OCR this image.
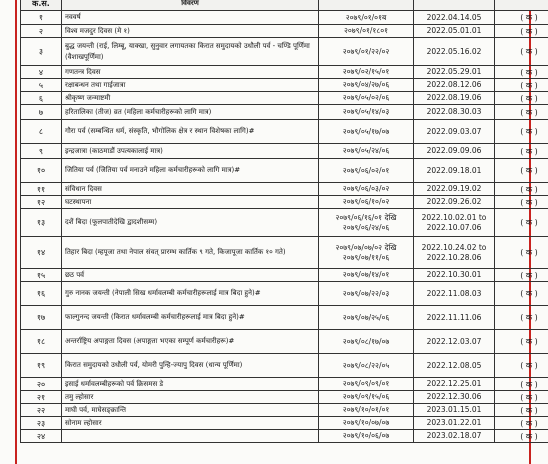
क.स.	विवरण			
१	नववर्ष	२०७९/०१/०१ब	2022.04.14.05	( क )
२	विश्व मजदुर दिवस (मे १)	२०७९/०१/१८०१	2022.05.01.01	( क )
३	बुद्ध जयन्ती (राई, लिम्बू, याक्खा, सुनुवार लगायतका किरात समुदायको उधौली पर्व - चण्डि पूर्णिमा (वैशाखपूर्णिमा)	२०७९/०१/२२/०२	2022.05.16.02	( क )
४	गणतन्त्र दिवस	२०७९/०२/१५/०१	2022.05.29.01	( क )
५	रक्षाबन्धन तथा गाईजात्रा	२०७९/०४/२७/०६	2022.08.12.06	( क )
६	श्रीकृष्ण जन्माष्टमी	२०७९/०५/०२/०६	2022.08.19.06	( क )
७	हरितालिका (तीज) व्रत (महिला कर्मचारीहरूको लागि मात्र)	२०७९/०५/१४/०३	2022.08.30.03	( क )
८	गौरा पर्व (सम्बन्धित धर्म, संस्कृति, भौगोलिक क्षेत्र र स्थान विशेषका लागि)#	२०७९/०५/१७/०७	2022.09.03.07	( क )
९	इन्द्रजात्रा (काठमाडौं उपत्यकालाई मात्र)	२०७९/०५/२४/०६	2022.09.09.06	( क )
१०	जितिया पर्व (जितिया पर्व मनाउने महिला कर्मचारीहरूको लागि मात्र)#	२०७९/०६/०२/०१	2022.09.18.01	( क )
११	संविधान दिवस	२०७९/०६/०३/०२	2022.09.19.02	( क )
१२	घटस्थापना	२०७९/०६/१०/०२	2022.09.26.02	( क )
१३	दशैं बिदा (फूलपातीदेखि द्वादशीसम्म)	२०७९/०६/१६/०१ देखि २०७९/०६/२४/०६	2022.10.02.01 to 2022.10.07.06	( क )
१४	तिहार बिदा (म्हपूजा तथा नेपाल संवत् प्रारम्भ कार्तिक ९ गते, किजापूजा कार्तिक १० गते)	२०७९/०७/०७/०२ देखि २०७९/०७/११/०६	2022.10.24.02 to 2022.10.28.06	( क )
१५	छठ पर्व	२०७९/०७/१४/०१	2022.10.30.01	( क )
१६	गुरु नानक जयन्ती (नेपाली सिख धर्मावलम्बी कर्मचारीहरूलाई मात्र बिदा हुने)#	२०७९/०७/२२/०३	2022.11.08.03	( क )
१७	फाल्गुनन्द जयन्ती (किरात धर्मावलम्बी कर्मचारीहरूलाई मात्र बिदा हुने)#	२०७९/०७/२५/०६	2022.11.11.06	( क )
१८	अन्तर्राष्ट्रिय अपाङ्गता दिवस (अपाङ्गता भएका सम्पूर्ण कर्मचारीहरू)#	२०७९/०८/१७/०७	2022.12.03.07	( क )
१९	किरात समुदायको उधौली पर्व, योमरी पुन्हि-ज्यापु दिवस (धान्य पूर्णिमा)	२०७९/०८/२२/०५	2022.12.08.05	( क )
२०	इसाई धर्मावलम्बीहरूको पर्व क्रिसमस डे	२०७९/०९/०९/०१	2022.12.25.01	( क )
२१	तमु ल्होसार	२०७९/०९/१५/०६	2022.12.30.06	( क )
२२	माघी पर्व, माघेसङ्क्रान्ति	२०७९/१०/०१/०१	2023.01.15.01	( क )
२३	सोनाम ल्होसार	२०७९/१०/०७/०७	2023.01.22.01	( क )
२४		२०७९/१०/०६/०७	2023.02.18.07	( क )
